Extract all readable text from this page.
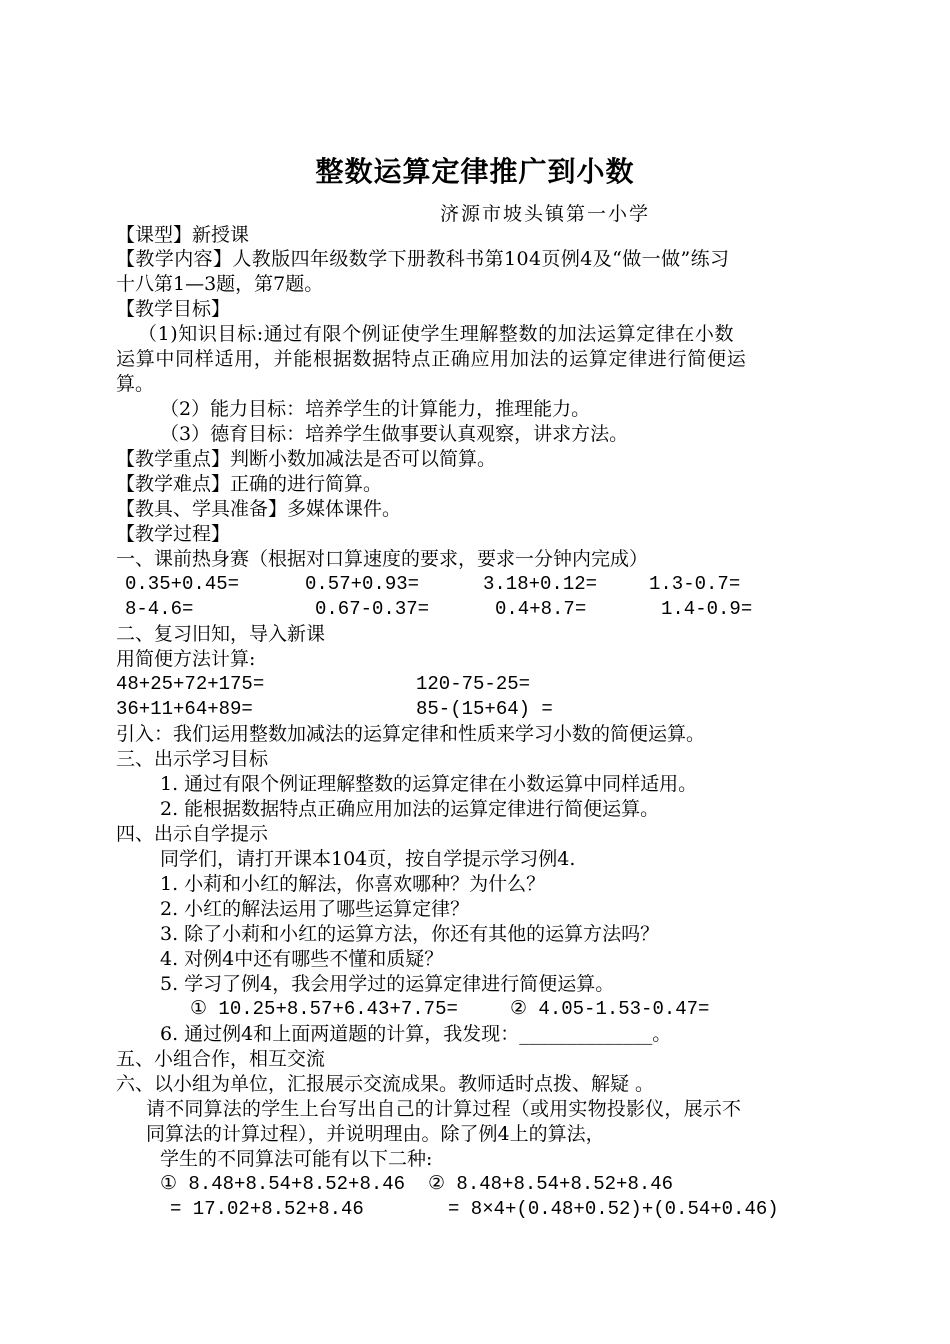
整数运算定律推广到小数
济源市坡头镇第一小学
【课型】新授课
【教学内容】人教版四年级数学下册教科书第104页例4及“做一做”练习
十八第1—3题，第7题。
【教学目标】
（1)知识目标:通过有限个例证使学生理解整数的加法运算定律在小数
运算中同样适用，并能根据数据特点正确应用加法的运算定律进行简便运
算。
（2）能力目标：培养学生的计算能力，推理能力。
（3）德育目标：培养学生做事要认真观察，讲求方法。
【教学重点】判断小数加减法是否可以简算。
【教学难点】正确的进行简算。
【教具、学具准备】多媒体课件。
【教学过程】
一、课前热身赛（根据对口算速度的要求，要求一分钟内完成）
0.35+0.45=	0.57+0.93=	3.18+0.12=	1.3-0.7=
8-4.6=	0.67-0.37=	0.4+8.7=	1.4-0.9=
二、复习旧知，导入新课
用简便方法计算:
48+25+72+175=	120-75-25=
36+11+64+89=	85-(15+64) =
引入：我们运用整数加减法的运算定律和性质来学习小数的简便运算。
三、出示学习目标
1. 通过有限个例证理解整数的运算定律在小数运算中同样适用。
2. 能根据数据特点正确应用加法的运算定律进行简便运算。
四、出示自学提示
同学们，请打开课本104页，按自学提示学习例4.
1. 小莉和小红的解法，你喜欢哪种？为什么？
2. 小红的解法运用了哪些运算定律？
3. 除了小莉和小红的运算方法，你还有其他的运算方法吗？
4. 对例4中还有哪些不懂和质疑？
5. 学习了例4，我会用学过的运算定律进行简便运算。
① 10.25+8.57+6.43+7.75=	② 4.05-1.53-0.47=
6. 通过例4和上面两道题的计算，我发现：______________。
五、小组合作，相互交流
六、以小组为单位，汇报展示交流成果。教师适时点拨、解疑 。
请不同算法的学生上台写出自己的计算过程（或用实物投影仪，展示不
同算法的计算过程），并说明理由。除了例4上的算法，
学生的不同算法可能有以下二种:
① 8.48+8.54+8.52+8.46 ② 8.48+8.54+8.52+8.46
= 17.02+8.52+8.46	= 8×4+(0.48+0.52)+(0.54+0.46)
